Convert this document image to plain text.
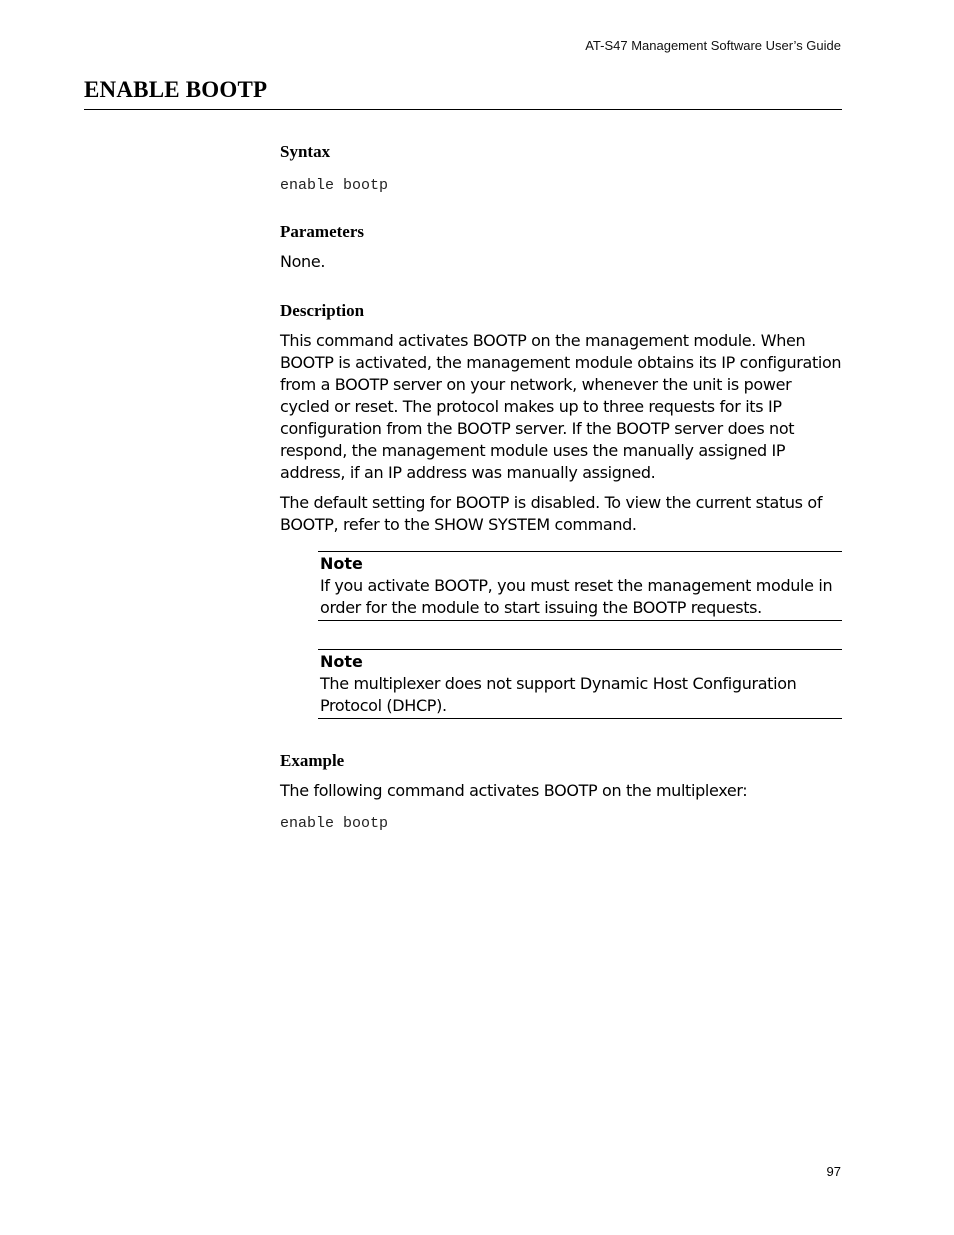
AT-S47 Management Software User’s Guide
ENABLE BOOTP
Syntax

enable bootp

Parameters

None.

Description

This command activates BOOTP on the management module. When BOOTP is activated, the management module obtains its IP configuration from a BOOTP server on your network, whenever the unit is power cycled or reset. The protocol makes up to three requests for its IP configuration from the BOOTP server. If the BOOTP server does not respond, the management module uses the manually assigned IP address, if an IP address was manually assigned.

The default setting for BOOTP is disabled. To view the current status of BOOTP, refer to the SHOW SYSTEM command.

Note

If you activate BOOTP, you must reset the management module in order for the module to start issuing the BOOTP requests.

Note

The multiplexer does not support Dynamic Host Configuration Protocol (DHCP).

Example

The following command activates BOOTP on the multiplexer:

enable bootp

97
